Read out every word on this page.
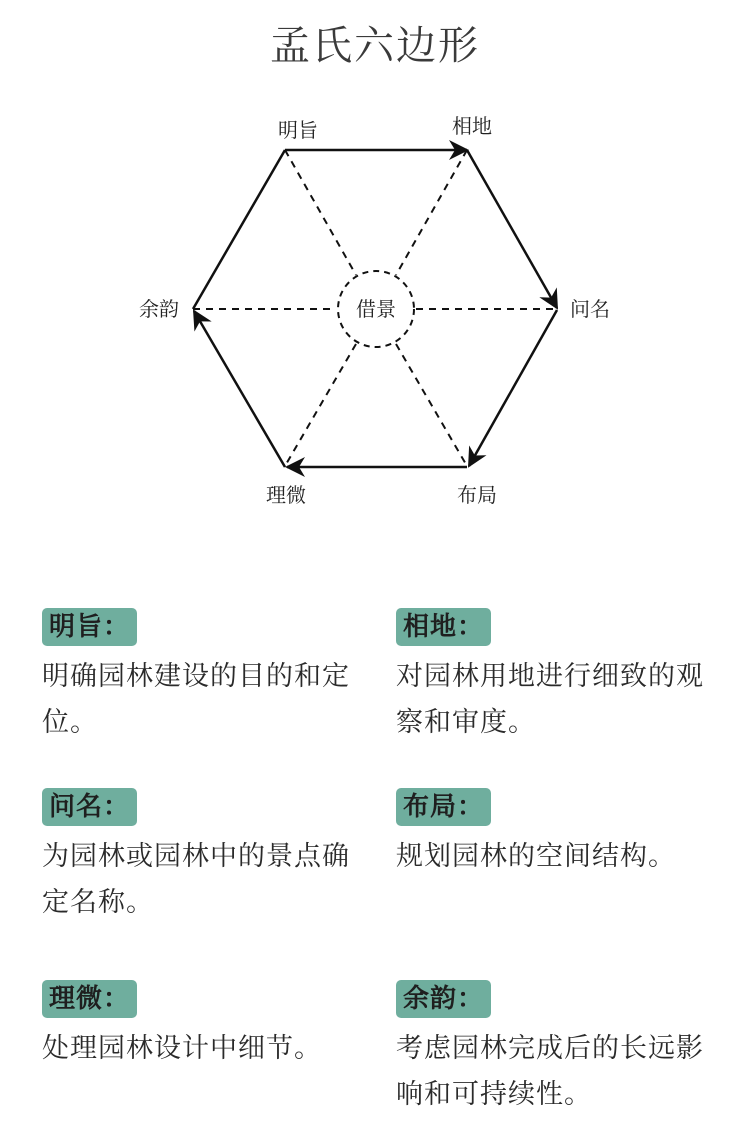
孟氏六边形
借景
明旨	相地
问名
布局
理微
余韵
明旨：
明确园林建设的目的和定位。
相地：
对园林用地进行细致的观察和审度。
问名：
为园林或园林中的景点确定名称。
布局：
规划园林的空间结构。
理微：
处理园林设计中细节。
余韵：
考虑园林完成后的长远影响和可持续性。
